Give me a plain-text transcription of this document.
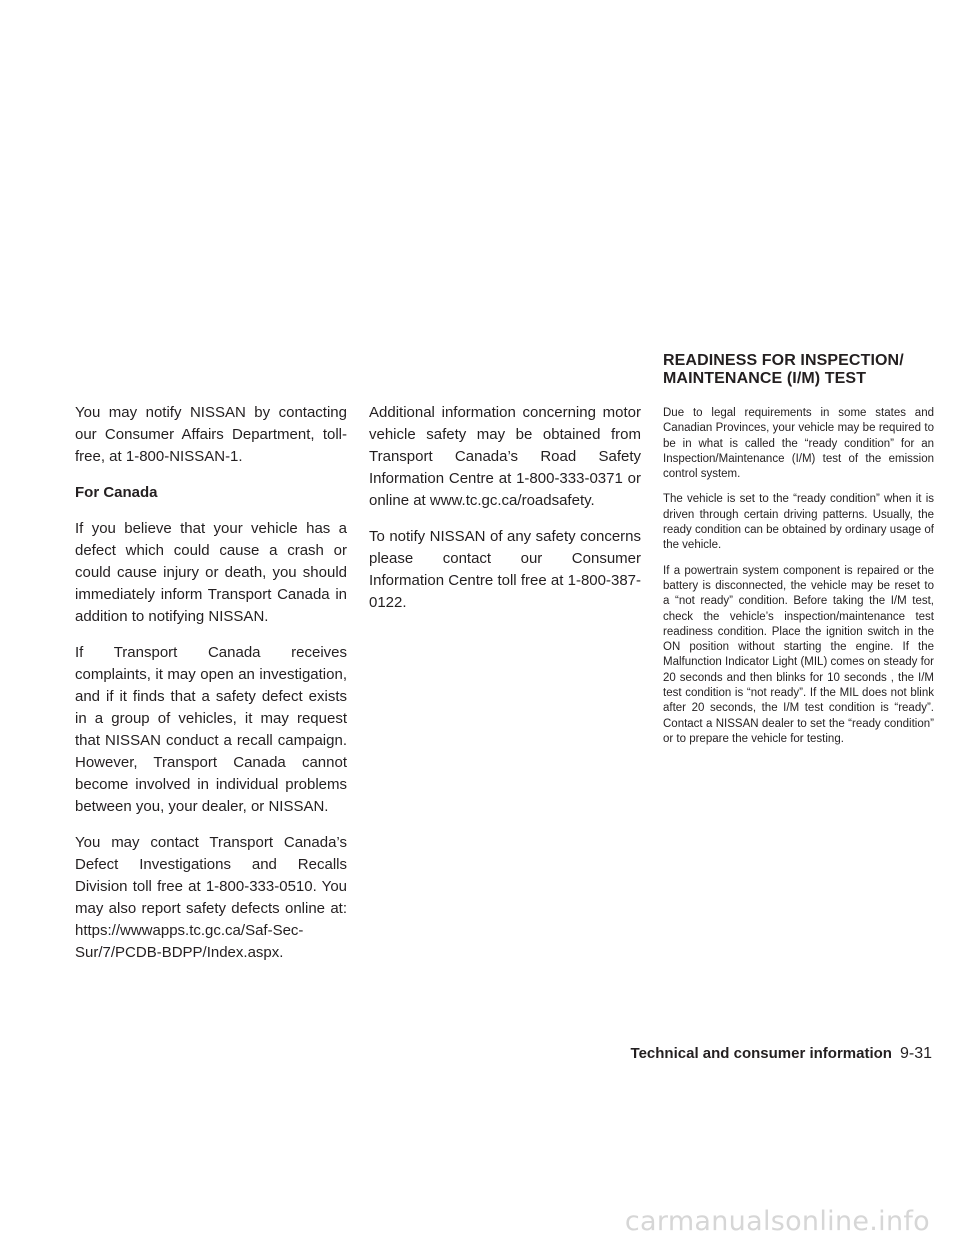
You may notify NISSAN by contacting our Consumer Affairs Department, toll-free, at 1-800-NISSAN-1.

For Canada

If you believe that your vehicle has a defect which could cause a crash or could cause injury or death, you should immediately inform Transport Canada in addition to notifying NISSAN.

If Transport Canada receives complaints, it may open an investigation, and if it finds that a safety defect exists in a group of vehicles, it may request that NISSAN conduct a recall campaign. However, Transport Canada cannot become involved in individual problems between you, your dealer, or NISSAN.

You may contact Transport Canada’s Defect Investigations and Recalls Division toll free at 1-800-333-0510. You may also report safety defects online at: https://wwwapps.tc.gc.ca/Saf-Sec-Sur/7/PCDB-BDPP/Index.aspx.

Additional information concerning motor vehicle safety may be obtained from Transport Canada’s Road Safety Information Centre at 1-800-333-0371 or online at www.tc.gc.ca/roadsafety.

To notify NISSAN of any safety concerns please contact our Consumer Information Centre toll free at 1-800-387-0122.

READINESS FOR INSPECTION/
MAINTENANCE (I/M) TEST

Due to legal requirements in some states and Canadian Provinces, your vehicle may be required to be in what is called the “ready condition” for an Inspection/Maintenance (I/M) test of the emission control system.

The vehicle is set to the “ready condition” when it is driven through certain driving patterns. Usually, the ready condition can be obtained by ordinary usage of the vehicle.

If a powertrain system component is repaired or the battery is disconnected, the vehicle may be reset to a “not ready” condition. Before taking the I/M test, check the vehicle’s inspection/maintenance test readiness condition. Place the ignition switch in the ON position without starting the engine. If the Malfunction Indicator Light (MIL) comes on steady for 20 seconds and then blinks for 10 seconds , the I/M test condition is “not ready”. If the MIL does not blink after 20 seconds, the I/M test condition is “ready”. Contact a NISSAN dealer to set the “ready condition” or to prepare the vehicle for testing.

Technical and consumer information 9-31
carmanualsonline.info
